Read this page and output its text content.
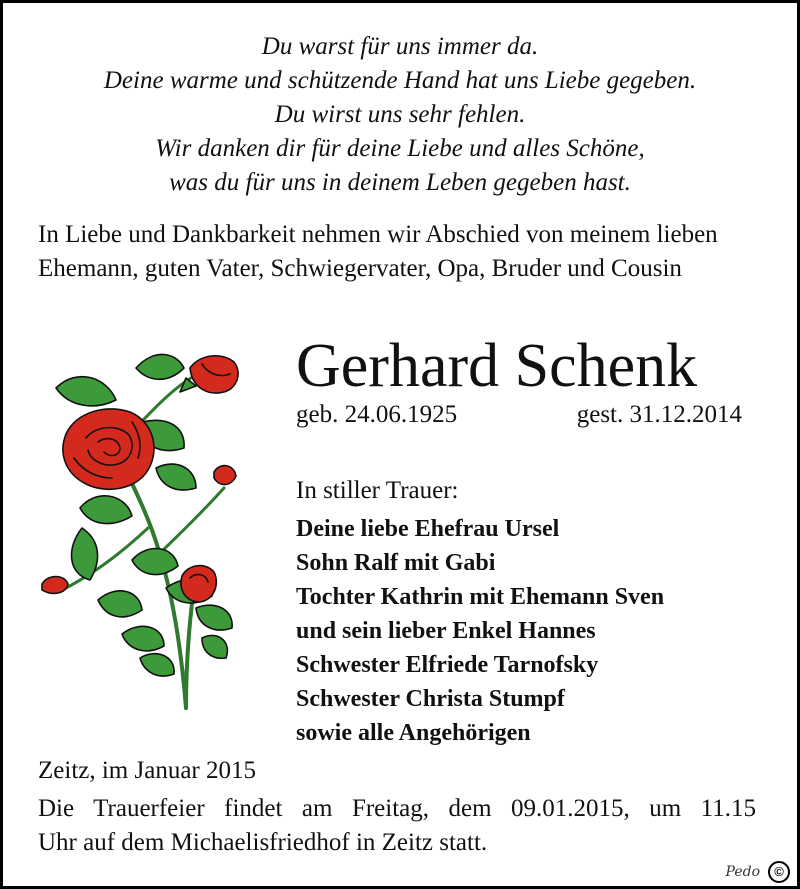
Du warst für uns immer da.
Deine warme und schützende Hand hat uns Liebe gegeben.
Du wirst uns sehr fehlen.
Wir danken dir für deine Liebe und alles Schöne,
was du für uns in deinem Leben gegeben hast.
In Liebe und Dankbarkeit nehmen wir Abschied von meinem lieben Ehemann, guten Vater, Schwiegervater, Opa, Bruder und Cousin
Gerhard Schenk
geb. 24.06.1925	gest. 31.12.2014
In stiller Trauer:
Deine liebe Ehefrau Ursel
Sohn Ralf mit Gabi
Tochter Kathrin mit Ehemann Sven
und sein lieber Enkel Hannes
Schwester Elfriede Tarnofsky
Schwester Christa Stumpf
sowie alle Angehörigen
Zeitz, im Januar 2015
Die Trauerfeier findet am Freitag, dem 09.01.2015, um 11.15
Uhr auf dem Michaelisfriedhof in Zeitz statt.
Pedo	©
